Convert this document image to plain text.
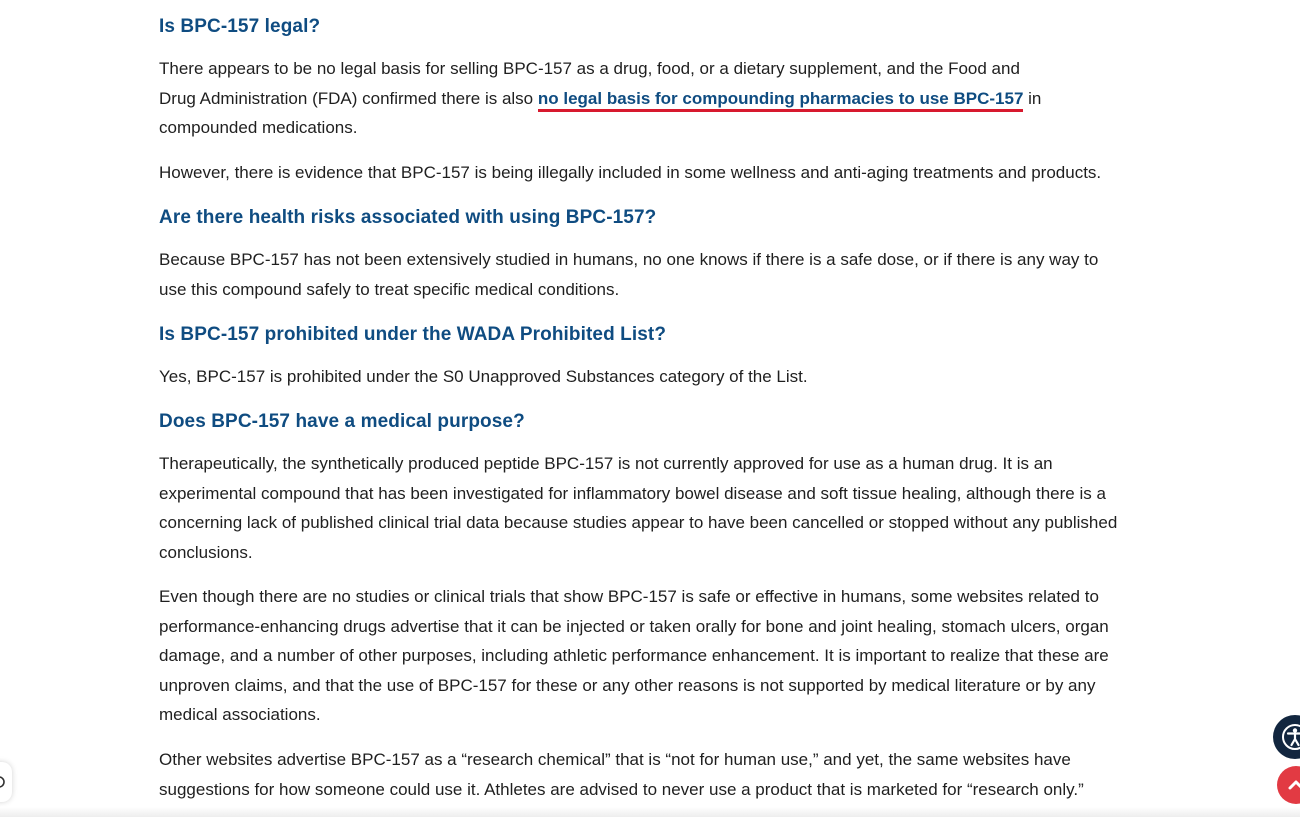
Is BPC-157 legal?

There appears to be no legal basis for selling BPC-157 as a drug, food, or a dietary supplement, and the Food and Drug Administration (FDA) confirmed there is also no legal basis for compounding pharmacies to use BPC-157 in compounded medications.

However, there is evidence that BPC-157 is being illegally included in some wellness and anti-aging treatments and products.

Are there health risks associated with using BPC-157?

Because BPC-157 has not been extensively studied in humans, no one knows if there is a safe dose, or if there is any way to use this compound safely to treat specific medical conditions.

Is BPC-157 prohibited under the WADA Prohibited List?

Yes, BPC-157 is prohibited under the S0 Unapproved Substances category of the List.

Does BPC-157 have a medical purpose?

Therapeutically, the synthetically produced peptide BPC-157 is not currently approved for use as a human drug. It is an experimental compound that has been investigated for inflammatory bowel disease and soft tissue healing, although there is a concerning lack of published clinical trial data because studies appear to have been cancelled or stopped without any published conclusions.

Even though there are no studies or clinical trials that show BPC-157 is safe or effective in humans, some websites related to performance-enhancing drugs advertise that it can be injected or taken orally for bone and joint healing, stomach ulcers, organ damage, and a number of other purposes, including athletic performance enhancement. It is important to realize that these are unproven claims, and that the use of BPC-157 for these or any other reasons is not supported by medical literature or by any medical associations.

Other websites advertise BPC-157 as a “research chemical” that is “not for human use,” and yet, the same websites have suggestions for how someone could use it. Athletes are advised to never use a product that is marketed for “research only.”
